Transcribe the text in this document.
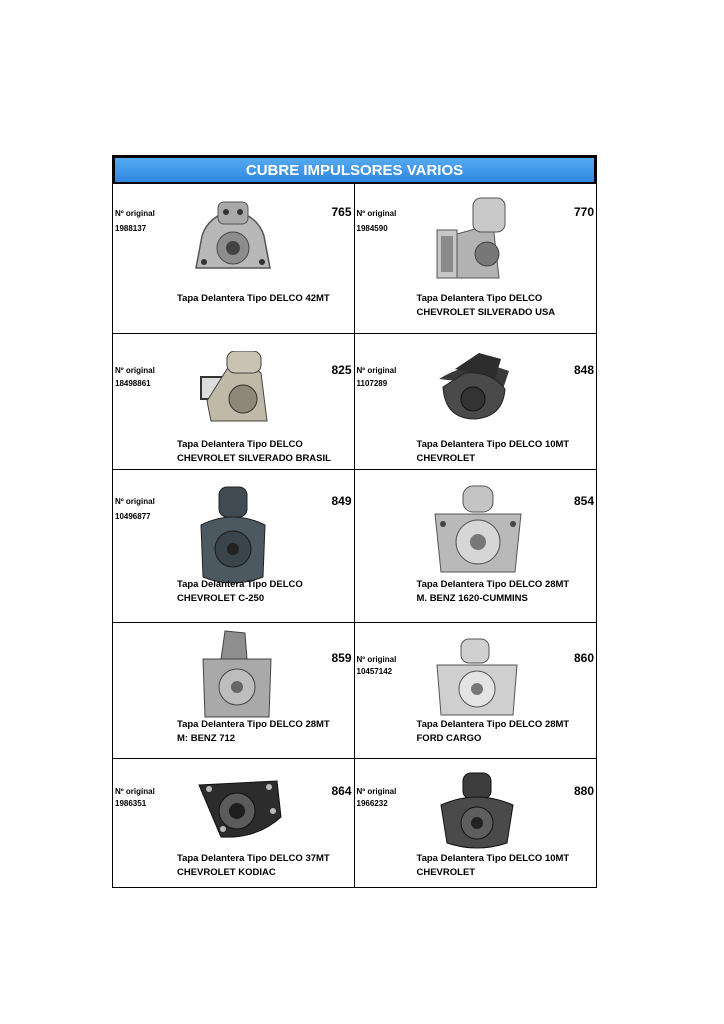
CUBRE IMPULSORES VARIOS
Nº original
1988137
765
Tapa Delantera Tipo DELCO 42MT
Nº original
1984590
770
Tapa Delantera Tipo DELCO
CHEVROLET SILVERADO USA
Nº original
18498861
825
Tapa Delantera Tipo DELCO
CHEVROLET SILVERADO BRASIL
Nº original
1107289
848
Tapa Delantera Tipo DELCO 10MT
CHEVROLET
Nº original
10496877
849
Tapa Delantera Tipo DELCO
CHEVROLET C-250
854
Tapa Delantera Tipo DELCO 28MT
M. BENZ 1620-CUMMINS
859
Tapa Delantera Tipo DELCO 28MT
M: BENZ 712
Nº original
10457142
860
Tapa Delantera Tipo DELCO 28MT
FORD CARGO
Nº original
1986351
864
Tapa Delantera Tipo DELCO 37MT
CHEVROLET KODIAC
Nº original
1966232
880
Tapa Delantera Tipo DELCO 10MT
CHEVROLET
